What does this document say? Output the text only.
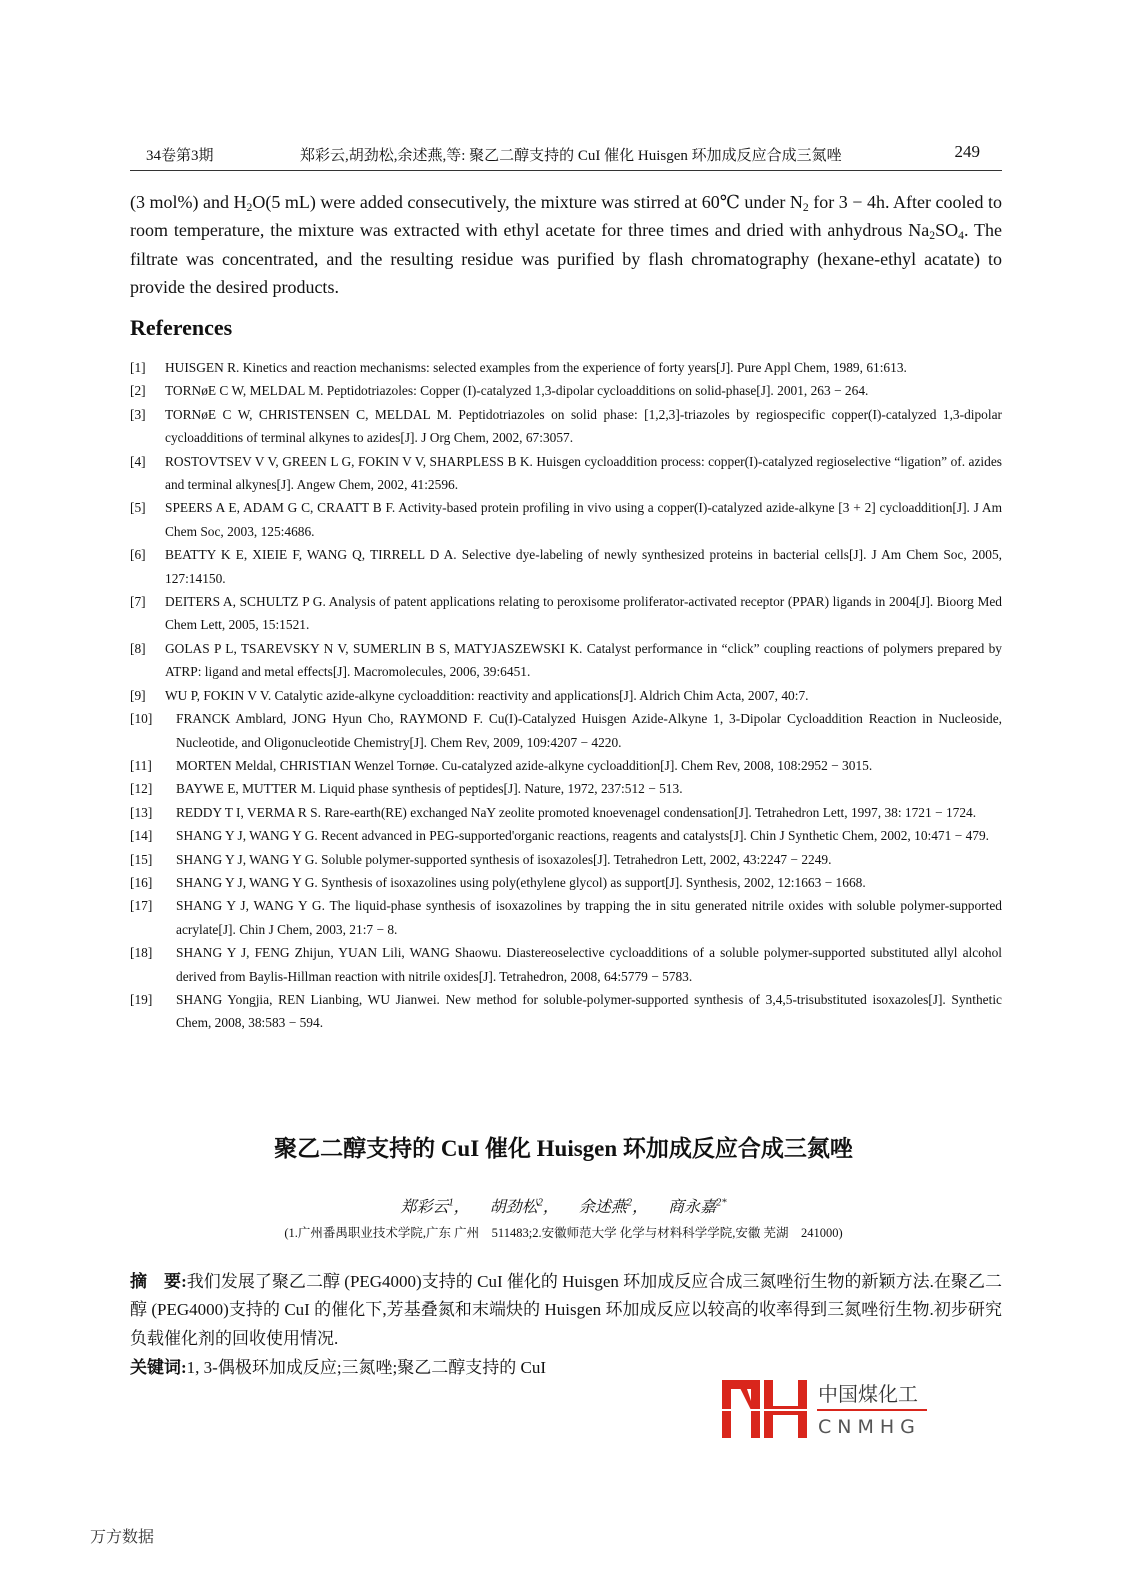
34卷第3期	郑彩云,胡劲松,余述燕,等: 聚乙二醇支持的 CuI 催化 Huisgen 环加成反应合成三氮唑	249
(3 mol%) and $H_2O(5$ mL) were added consecutively, the mixture was stirred at 60℃ under $N_2$ for 3 − 4h. After cooled to room temperature, the mixture was extracted with ethyl acetate for three times and dried with anhydrous $Na_2SO_4$. The filtrate was concentrated, and the resulting residue was purified by flash chromatography (hexane-ethyl acatate) to provide the desired products.
References
[1] HUISGEN R. Kinetics and reaction mechanisms: selected examples from the experience of forty years[J]. Pure Appl Chem, 1989, 61:613.
[2] TORNøE C W, MELDAL M. Peptidotriazoles: Copper (I)-catalyzed 1,3-dipolar cycloadditions on solid-phase[J]. 2001, 263 − 264.
[3] TORNøE C W, CHRISTENSEN C, MELDAL M. Peptidotriazoles on solid phase: [1,2,3]-triazoles by regiospecific copper(I)-catalyzed 1,3-dipolar cycloadditions of terminal alkynes to azides[J]. J Org Chem, 2002, 67:3057.
[4] ROSTOVTSEV V V, GREEN L G, FOKIN V V, SHARPLESS B K. Huisgen cycloaddition process: copper(I)-catalyzed regioselective “ligation” of. azides and terminal alkynes[J]. Angew Chem, 2002, 41:2596.
[5] SPEERS A E, ADAM G C, CRAATT B F. Activity-based protein profiling in vivo using a copper(I)-catalyzed azide-alkyne [3 + 2] cycloaddition[J]. J Am Chem Soc, 2003, 125:4686.
[6] BEATTY K E, XIEIE F, WANG Q, TIRRELL D A. Selective dye-labeling of newly synthesized proteins in bacterial cells[J]. J Am Chem Soc, 2005, 127:14150.
[7] DEITERS A, SCHULTZ P G. Analysis of patent applications relating to peroxisome proliferator-activated receptor (PPAR) ligands in 2004[J]. Bioorg Med Chem Lett, 2005, 15:1521.
[8] GOLAS P L, TSAREVSKY N V, SUMERLIN B S, MATYJASZEWSKI K. Catalyst performance in “click” coupling reactions of polymers prepared by ATRP: ligand and metal effects[J]. Macromolecules, 2006, 39:6451.
[9] WU P, FOKIN V V. Catalytic azide-alkyne cycloaddition: reactivity and applications[J]. Aldrich Chim Acta, 2007, 40:7.
[10] FRANCK Amblard, JONG Hyun Cho, RAYMOND F. Cu(I)-Catalyzed Huisgen Azide-Alkyne 1, 3-Dipolar Cycloaddition Reaction in Nucleoside, Nucleotide, and Oligonucleotide Chemistry[J]. Chem Rev, 2009, 109:4207 − 4220.
[11] MORTEN Meldal, CHRISTIAN Wenzel Tornøe. Cu-catalyzed azide-alkyne cycloaddition[J]. Chem Rev, 2008, 108:2952 − 3015.
[12] BAYWE E, MUTTER M. Liquid phase synthesis of peptides[J]. Nature, 1972, 237:512 − 513.
[13] REDDY T I, VERMA R S. Rare-earth(RE) exchanged NaY zeolite promoted knoevenagel condensation[J]. Tetrahedron Lett, 1997, 38: 1721 − 1724.
[14] SHANG Y J, WANG Y G. Recent advanced in PEG-supported'organic reactions, reagents and catalysts[J]. Chin J Synthetic Chem, 2002, 10:471 − 479.
[15] SHANG Y J, WANG Y G. Soluble polymer-supported synthesis of isoxazoles[J]. Tetrahedron Lett, 2002, 43:2247 − 2249.
[16] SHANG Y J, WANG Y G. Synthesis of isoxazolines using poly(ethylene glycol) as support[J]. Synthesis, 2002, 12:1663 − 1668.
[17] SHANG Y J, WANG Y G. The liquid-phase synthesis of isoxazolines by trapping the in situ generated nitrile oxides with soluble polymer-supported acrylate[J]. Chin J Chem, 2003, 21:7 − 8.
[18] SHANG Y J, FENG Zhijun, YUAN Lili, WANG Shaowu. Diastereoselective cycloadditions of a soluble polymer-supported substituted allyl alcohol derived from Baylis-Hillman reaction with nitrile oxides[J]. Tetrahedron, 2008, 64:5779 − 5783.
[19] SHANG Yongjia, REN Lianbing, WU Jianwei. New method for soluble-polymer-supported synthesis of 3,4,5-trisubstituted isoxazoles[J]. Synthetic Chem, 2008, 38:583 − 594.
聚乙二醇支持的 CuI 催化 Huisgen 环加成反应合成三氮唑
郑彩云$^1$， 胡劲松$^2$， 余述燕$^2$， 商永嘉$^{2*}$
(1.广州番禺职业技术学院,广东 广州　511483;2.安徽师范大学 化学与材料科学学院,安徽 芜湖　241000)
摘　要:我们发展了聚乙二醇 (PEG4000)支持的 CuI 催化的 Huisgen 环加成反应合成三氮唑衍生物的新颖方法.在聚乙二醇 (PEG4000)支持的 CuI 的催化下,芳基叠氮和末端炔的 Huisgen 环加成反应以较高的收率得到三氮唑衍生物.初步研究负载催化剂的回收使用情况.
关键词:1, 3-偶极环加成反应;三氮唑;聚乙二醇支持的 CuI
中国煤化工
CNMHG
万方数据
